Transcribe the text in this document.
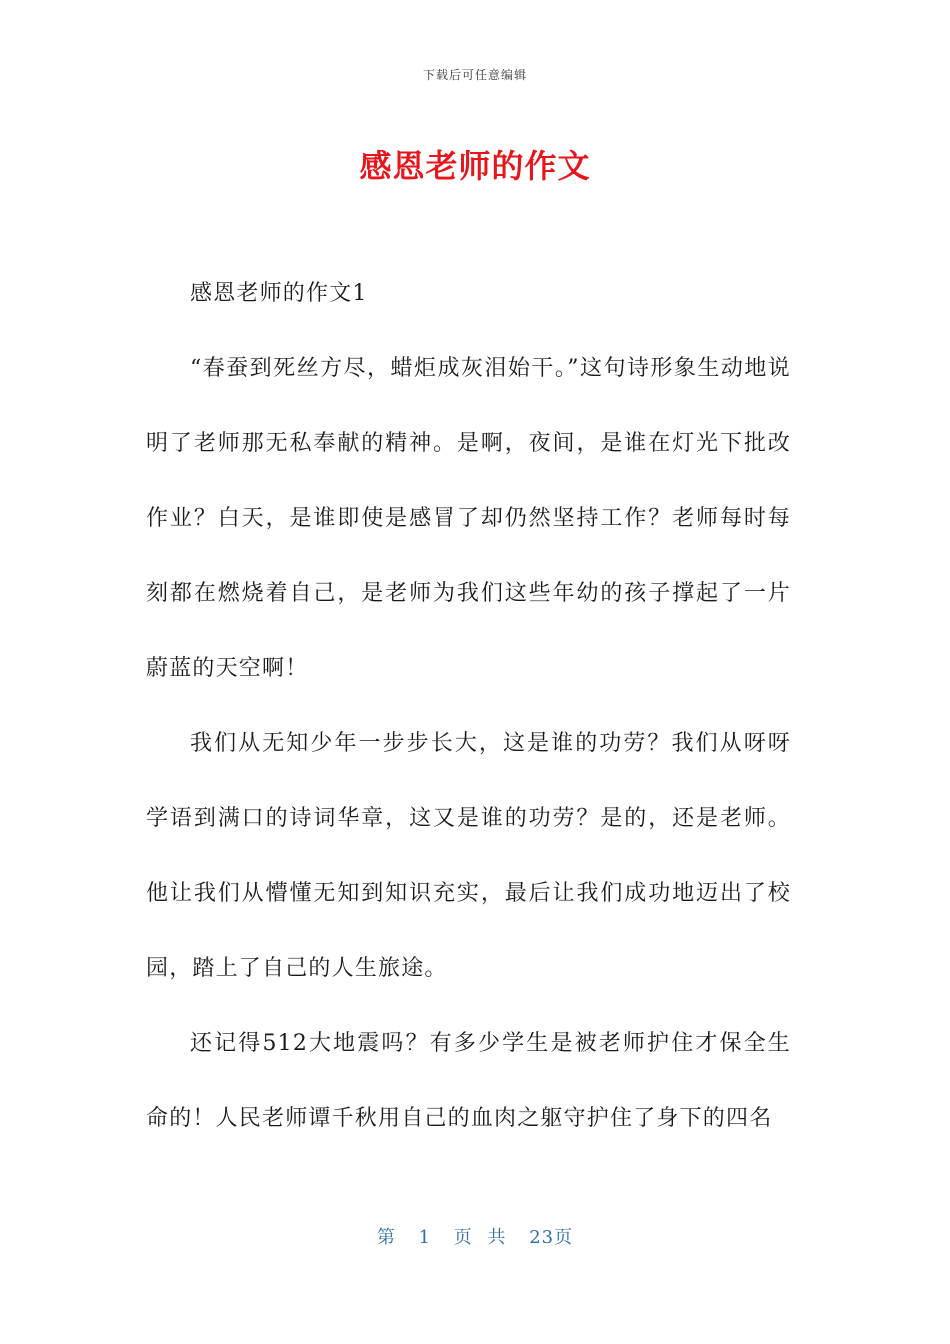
下载后可任意编辑
感恩老师的作文

感恩老师的作文1

“春蚕到死丝方尽，蜡炬成灰泪始干。”这句诗形象生动地说明了老师那无私奉献的精神。是啊，夜间，是谁在灯光下批改作业？白天，是谁即使是感冒了却仍然坚持工作？老师每时每刻都在燃烧着自己，是老师为我们这些年幼的孩子撑起了一片蔚蓝的天空啊！

我们从无知少年一步步长大，这是谁的功劳？我们从呀呀学语到满口的诗词华章，这又是谁的功劳？是的，还是老师。他让我们从懵懂无知到知识充实，最后让我们成功地迈出了校园，踏上了自己的人生旅途。

还记得512大地震吗？有多少学生是被老师护住才保全生命的！人民老师谭千秋用自己的血肉之躯守护住了身下的四名

第 1 页 共 23页
